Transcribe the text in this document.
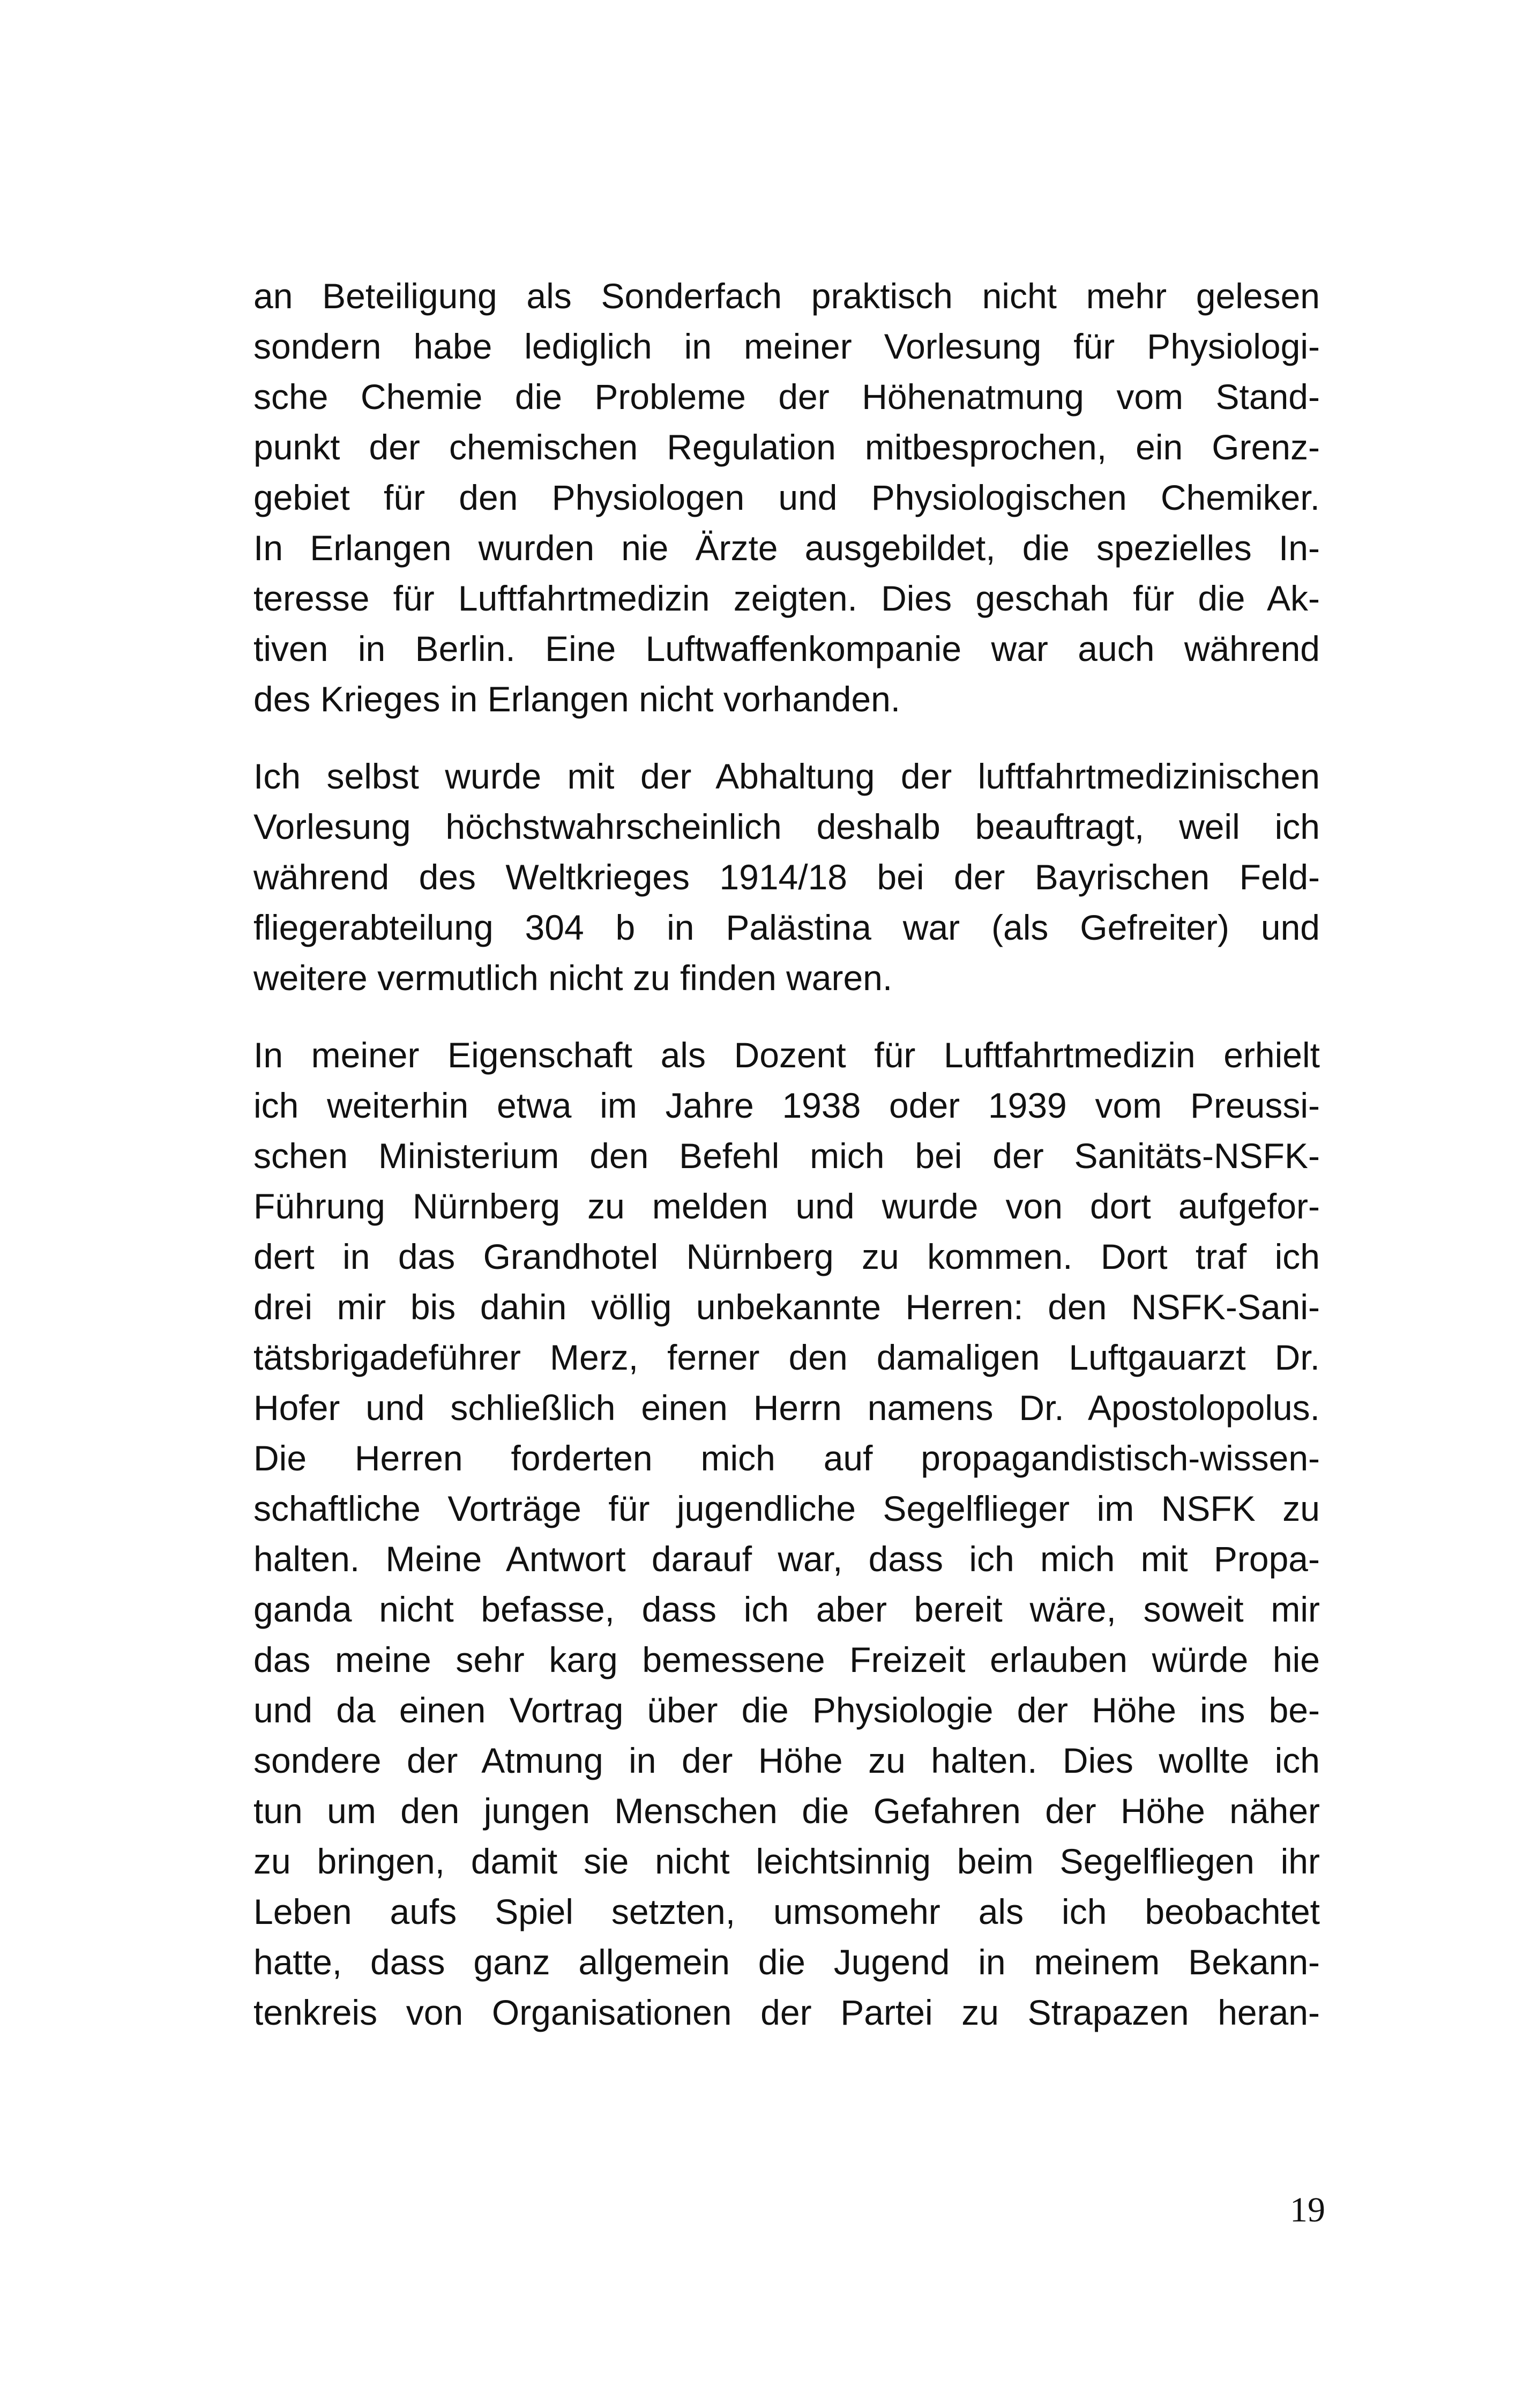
an Beteiligung als Sonderfach praktisch nicht mehr gelesen
sondern habe lediglich in meiner Vorlesung für Physiologi-
sche Chemie die Probleme der Höhenatmung vom Stand-
punkt der chemischen Regulation mitbesprochen, ein Grenz-
gebiet für den Physiologen und Physiologischen Chemiker.
In Erlangen wurden nie Ärzte ausgebildet, die spezielles In-
teresse für Luftfahrtmedizin zeigten. Dies geschah für die Ak-
tiven in Berlin. Eine Luftwaffenkompanie war auch während
des Krieges in Erlangen nicht vorhanden.
Ich selbst wurde mit der Abhaltung der luftfahrtmedizinischen
Vorlesung höchstwahrscheinlich deshalb beauftragt, weil ich
während des Weltkrieges 1914/18 bei der Bayrischen Feld-
fliegerabteilung 304 b in Palästina war (als Gefreiter) und
weitere vermutlich nicht zu finden waren.
In meiner Eigenschaft als Dozent für Luftfahrtmedizin erhielt
ich weiterhin etwa im Jahre 1938 oder 1939 vom Preussi-
schen Ministerium den Befehl mich bei der Sanitäts-NSFK-
Führung Nürnberg zu melden und wurde von dort aufgefor-
dert in das Grandhotel Nürnberg zu kommen. Dort traf ich
drei mir bis dahin völlig unbekannte Herren: den NSFK-Sani-
tätsbrigadeführer Merz, ferner den damaligen Luftgauarzt Dr.
Hofer und schließlich einen Herrn namens Dr. Apostolopolus.
Die Herren forderten mich auf propagandistisch-wissen-
schaftliche Vorträge für jugendliche Segelflieger im NSFK zu
halten. Meine Antwort darauf war, dass ich mich mit Propa-
ganda nicht befasse, dass ich aber bereit wäre, soweit mir
das meine sehr karg bemessene Freizeit erlauben würde hie
und da einen Vortrag über die Physiologie der Höhe ins be-
sondere der Atmung in der Höhe zu halten. Dies wollte ich
tun um den jungen Menschen die Gefahren der Höhe näher
zu bringen, damit sie nicht leichtsinnig beim Segelfliegen ihr
Leben aufs Spiel setzten, umsomehr als ich beobachtet
hatte, dass ganz allgemein die Jugend in meinem Bekann-
tenkreis von Organisationen der Partei zu Strapazen heran-
19
